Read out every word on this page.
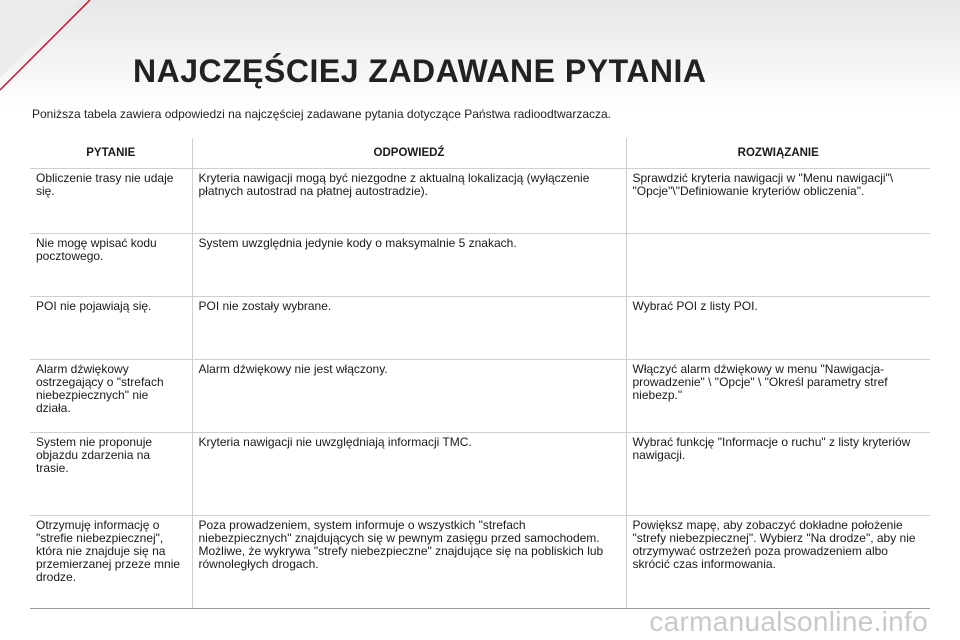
NAJCZĘŚCIEJ ZADAWANE PYTANIA

Poniższa tabela zawiera odpowiedzi na najczęściej zadawane pytania dotyczące Państwa radioodtwarzacza.

PYTANIE	ODPOWIEDŹ	ROZWIĄZANIE
Obliczenie trasy nie udaje się.	Kryteria nawigacji mogą być niezgodne z aktualną lokalizacją (wyłączenie płatnych autostrad na płatnej autostradzie).	Sprawdzić kryteria nawigacji w "Menu nawigacji"\ "Opcje"\"Definiowanie kryteriów obliczenia".
Nie mogę wpisać kodu pocztowego.	System uwzględnia jedynie kody o maksymalnie 5 znakach.	
POI nie pojawiają się.	POI nie zostały wybrane.	Wybrać POI z listy POI.
Alarm dźwiękowy ostrzegający o "strefach niebezpiecznych" nie działa.	Alarm dźwiękowy nie jest włączony.	Włączyć alarm dźwiękowy w menu "Nawigacja-prowadzenie" \ "Opcje" \ "Określ parametry stref niebezp."
System nie proponuje objazdu zdarzenia na trasie.	Kryteria nawigacji nie uwzględniają informacji TMC.	Wybrać funkcję "Informacje o ruchu" z listy kryteriów nawigacji.
Otrzymuję informację o "strefie niebezpiecznej", która nie znajduje się na przemierzanej przeze mnie drodze.	Poza prowadzeniem, system informuje o wszystkich "strefach niebezpiecznych" znajdujących się w pewnym zasięgu przed samochodem. Możliwe, że wykrywa "strefy niebezpieczne" znajdujące się na pobliskich lub równoległych drogach.	Powiększ mapę, aby zobaczyć dokładne położenie "strefy niebezpiecznej". Wybierz "Na drodze", aby nie otrzymywać ostrzeżeń poza prowadzeniem albo skrócić czas informowania.
carmanualsonline.info
